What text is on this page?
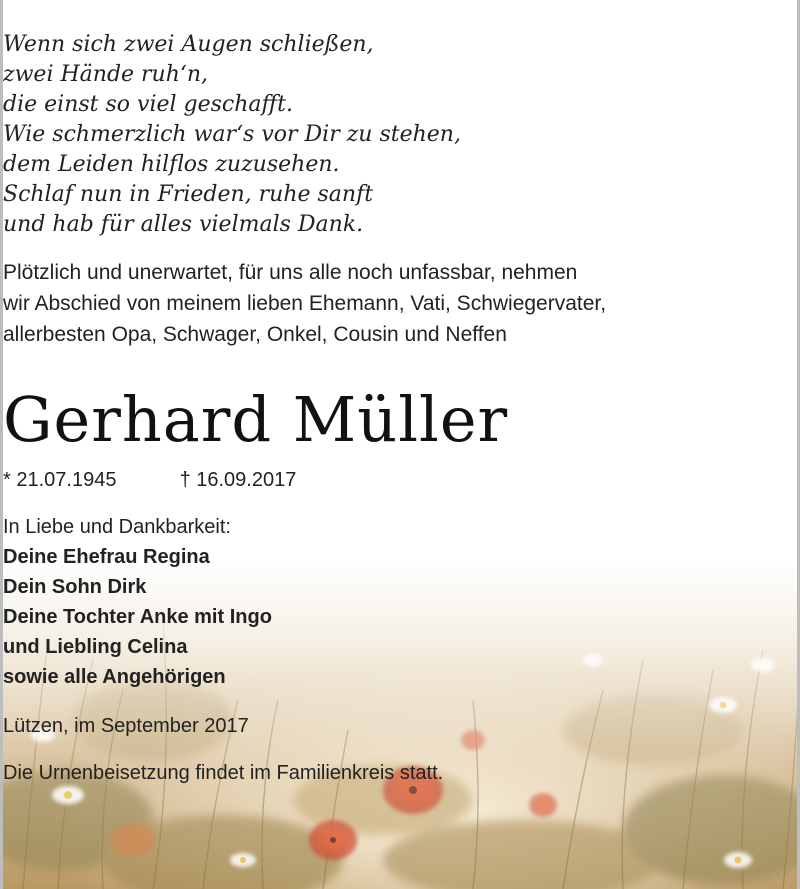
Wenn sich zwei Augen schließen,
zwei Hände ruh‘n,
die einst so viel geschafft.
Wie schmerzlich war‘s vor Dir zu stehen,
dem Leiden hilflos zuzusehen.
Schlaf nun in Frieden, ruhe sanft
und hab für alles vielmals Dank.
Plötzlich und unerwartet, für uns alle noch unfassbar, nehmen
wir Abschied von meinem lieben Ehemann, Vati, Schwiegervater,
allerbesten Opa, Schwager, Onkel, Cousin und Neffen
Gerhard Müller
* 21.07.1945	† 16.09.2017
In Liebe und Dankbarkeit:
Deine Ehefrau Regina
Dein Sohn Dirk
Deine Tochter Anke mit Ingo
und Liebling Celina
sowie alle Angehörigen
Lützen, im September 2017
Die Urnenbeisetzung findet im Familienkreis statt.
